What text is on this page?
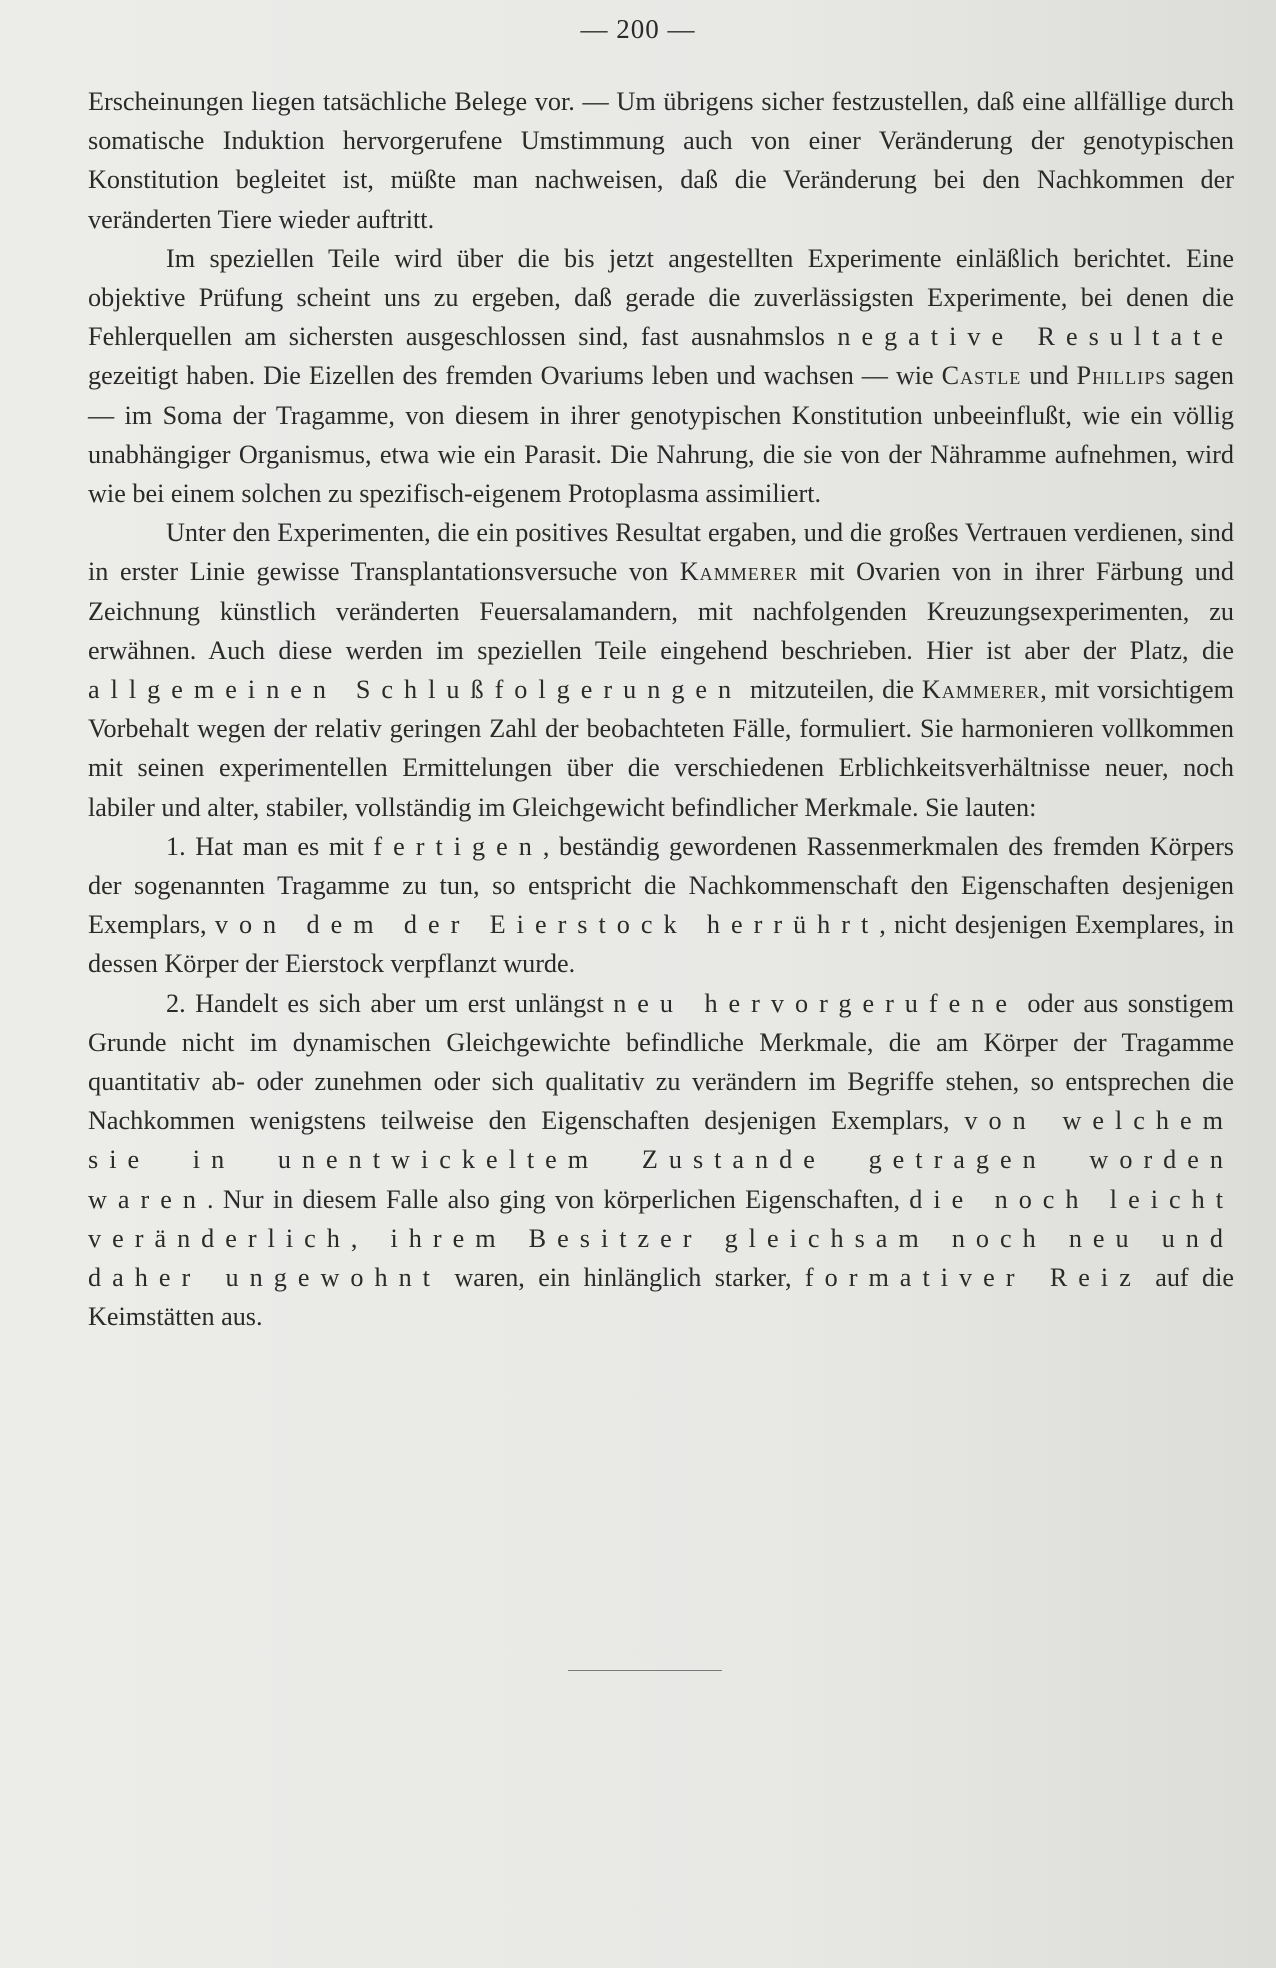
— 200 —

Erscheinungen liegen tatsächliche Belege vor. — Um übrigens sicher festzustellen, daß eine allfällige durch somatische Induktion hervorgerufene Umstimmung auch von einer Veränderung der genotypischen Konstitution begleitet ist, müßte man nachweisen, daß die Veränderung bei den Nachkommen der veränderten Tiere wieder auftritt.

Im speziellen Teile wird über die bis jetzt angestellten Experimente einläßlich berichtet. Eine objektive Prüfung scheint uns zu ergeben, daß gerade die zuverlässigsten Experimente, bei denen die Fehlerquellen am sichersten ausgeschlossen sind, fast ausnahmslos negative Resultate gezeitigt haben. Die Eizellen des fremden Ovariums leben und wachsen — wie Castle und Phillips sagen — im Soma der Tragamme, von diesem in ihrer genotypischen Konstitution unbeeinflußt, wie ein völlig unabhängiger Organismus, etwa wie ein Parasit. Die Nahrung, die sie von der Nähramme aufnehmen, wird wie bei einem solchen zu spezifisch-eigenem Protoplasma assimiliert.

Unter den Experimenten, die ein positives Resultat ergaben, und die großes Vertrauen verdienen, sind in erster Linie gewisse Transplantationsversuche von Kammerer mit Ovarien von in ihrer Färbung und Zeichnung künstlich veränderten Feuersalamandern, mit nachfolgenden Kreuzungsexperimenten, zu erwähnen. Auch diese werden im speziellen Teile eingehend beschrieben. Hier ist aber der Platz, die allgemeinen Schlußfolgerungen mitzuteilen, die Kammerer, mit vorsichtigem Vorbehalt wegen der relativ geringen Zahl der beobachteten Fälle, formuliert. Sie harmonieren vollkommen mit seinen experimentellen Ermittelungen über die verschiedenen Erblichkeitsverhältnisse neuer, noch labiler und alter, stabiler, vollständig im Gleichgewicht befindlicher Merkmale. Sie lauten:

1. Hat man es mit fertigen, beständig gewordenen Rassenmerkmalen des fremden Körpers der sogenannten Tragamme zu tun, so entspricht die Nachkommenschaft den Eigenschaften desjenigen Exemplars, von dem der Eierstock herrührt, nicht desjenigen Exemplares, in dessen Körper der Eierstock verpflanzt wurde.

2. Handelt es sich aber um erst unlängst neu hervorgerufene oder aus sonstigem Grunde nicht im dynamischen Gleichgewichte befindliche Merkmale, die am Körper der Tragamme quantitativ ab- oder zunehmen oder sich qualitativ zu verändern im Begriffe stehen, so entsprechen die Nachkommen wenigstens teilweise den Eigenschaften desjenigen Exemplars, von welchem sie in unentwickeltem Zustande getragen worden waren. Nur in diesem Falle also ging von körperlichen Eigenschaften, die noch leicht veränderlich, ihrem Besitzer gleichsam noch neu und daher ungewohnt waren, ein hinlänglich starker, formativer Reiz auf die Keimstätten aus.
